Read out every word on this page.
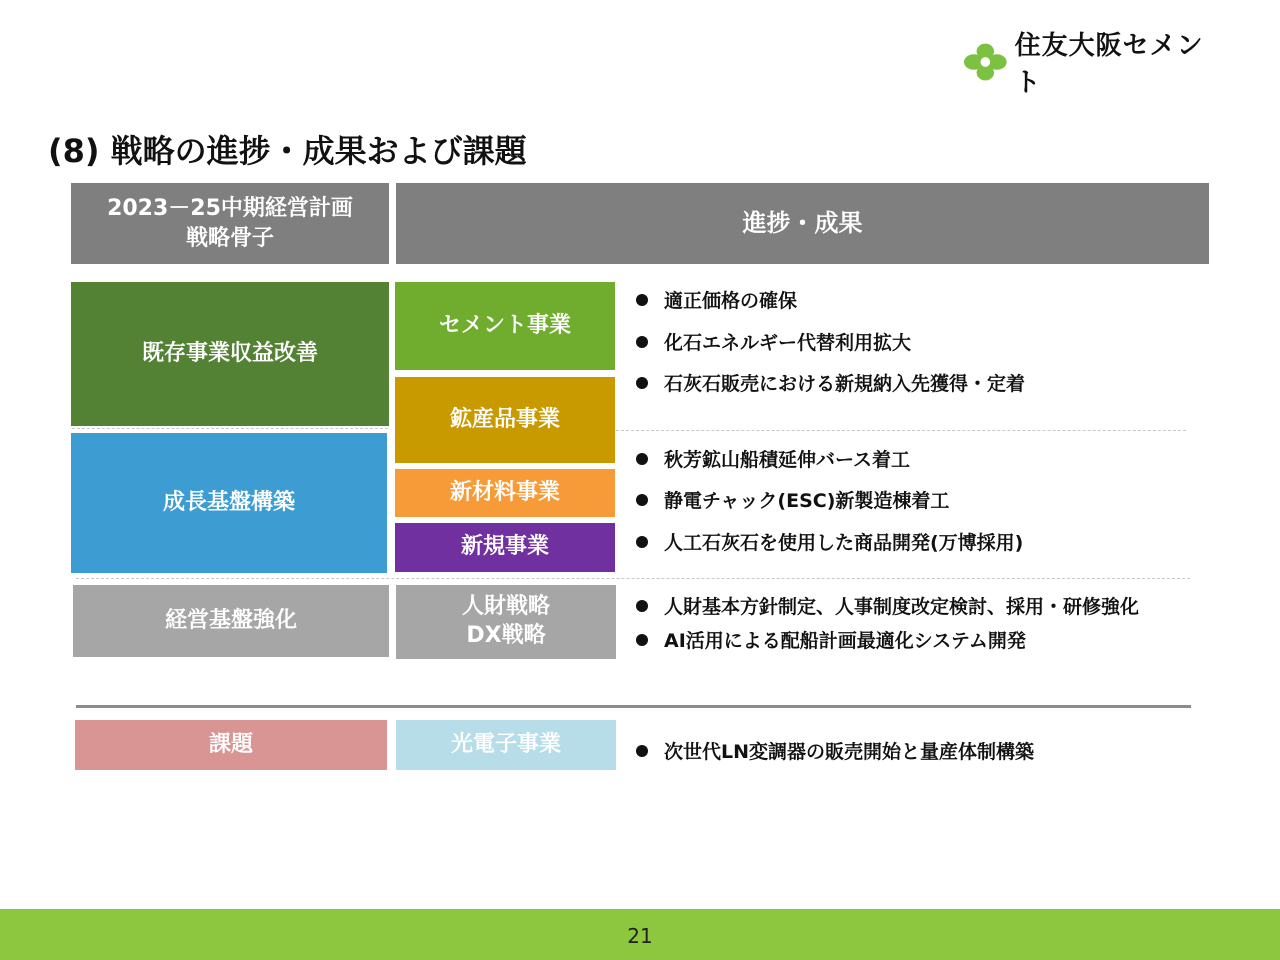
住友大阪セメント
(8) 戦略の進捗・成果および課題
2023－25中期経営計画
戦略骨子
進捗・成果
既存事業収益改善
成長基盤構築
経営基盤強化
セメント事業
鉱産品事業
新材料事業
新規事業
人財戦略
DX戦略
適正価格の確保
化石エネルギー代替利用拡大
石灰石販売における新規納入先獲得・定着
秋芳鉱山船積延伸バース着工
静電チャック(ESC)新製造棟着工
人工石灰石を使用した商品開発(万博採用)
人財基本方針制定、人事制度改定検討、採用・研修強化
AI活用による配船計画最適化システム開発
課題	光電子事業	次世代LN変調器の販売開始と量産体制構築
21
